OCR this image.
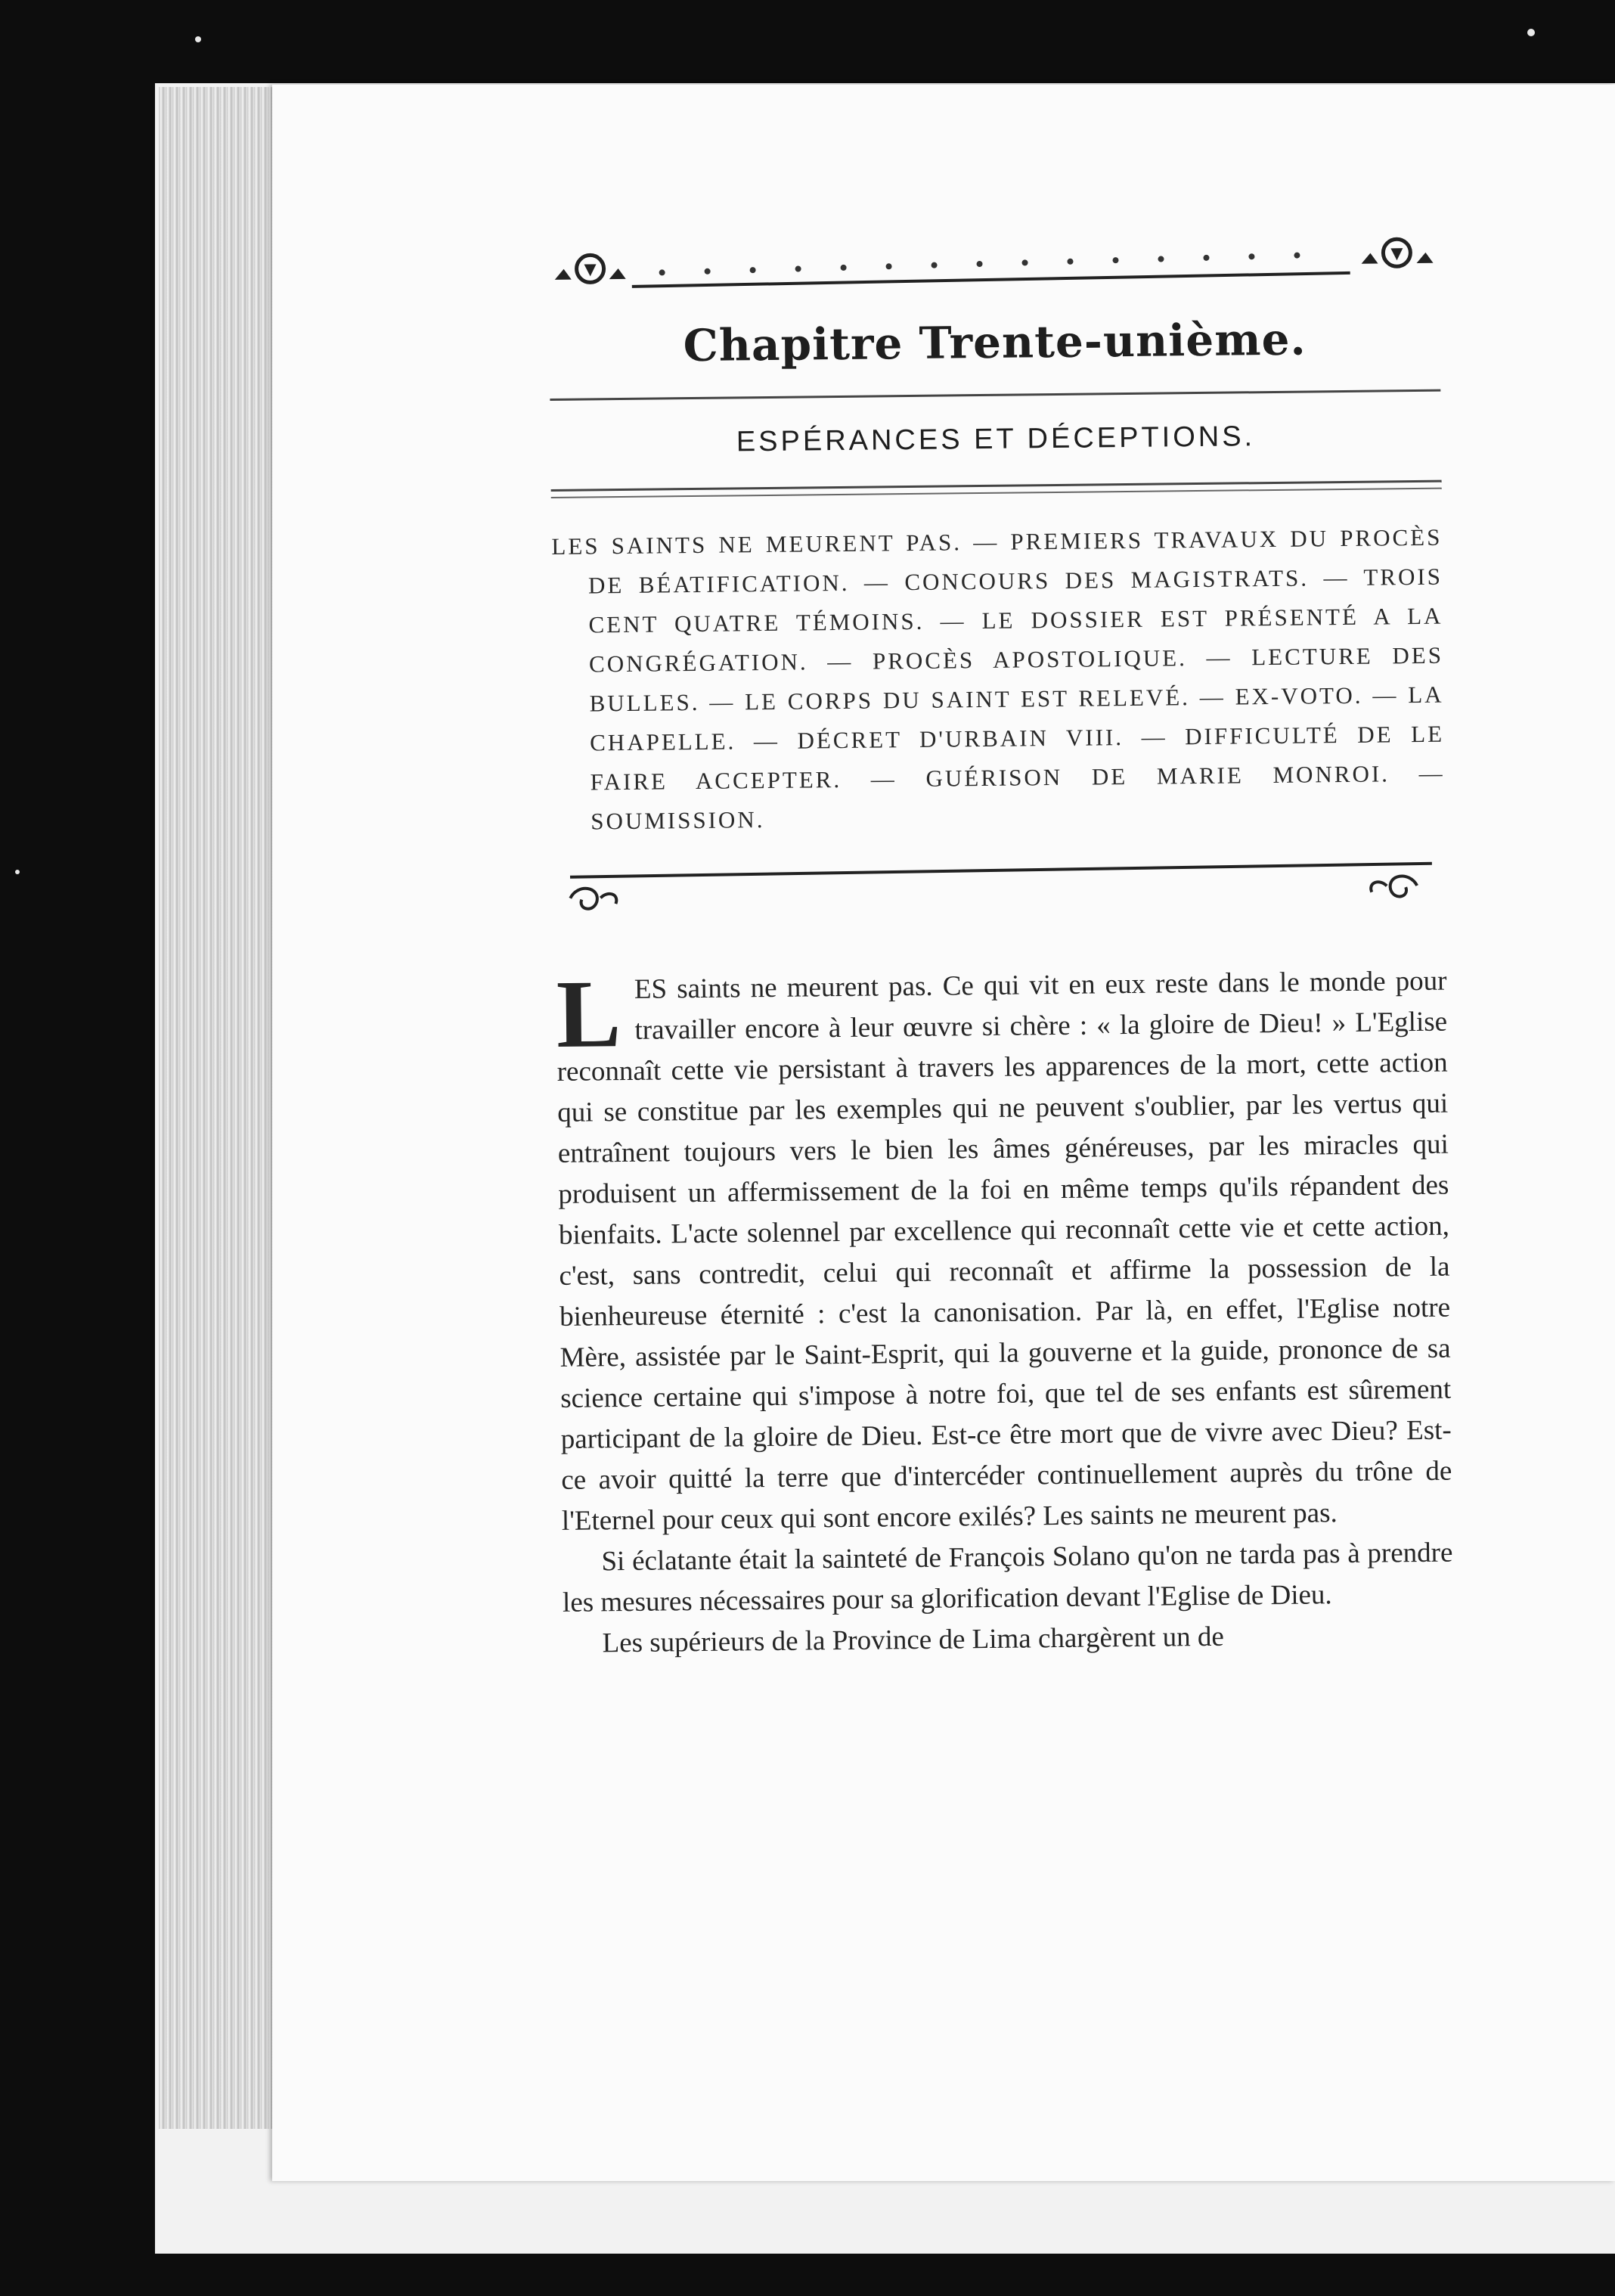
Chapitre Trente-unième.
ESPÉRANCES ET DÉCEPTIONS.
LES SAINTS NE MEURENT PAS. — PREMIERS TRAVAUX DU PROCÈS DE BÉATIFICATION. — CONCOURS DES MAGISTRATS. — TROIS CENT QUATRE TÉMOINS. — LE DOSSIER EST PRÉSENTÉ A LA CONGRÉGATION. — PROCÈS APOSTOLIQUE. — LECTURE DES BULLES. — LE CORPS DU SAINT EST RELEVÉ. — EX-VOTO. — LA CHAPELLE. — DÉCRET D'URBAIN VIII. — DIFFICULTÉ DE LE FAIRE ACCEPTER. — GUÉRISON DE MARIE MONROI. — SOUMISSION.

L ES saints ne meurent pas. Ce qui vit en eux reste dans le monde pour travailler encore à leur œuvre si chère : « la gloire de Dieu! » L'Eglise reconnaît cette vie persistant à travers les apparences de la mort, cette action qui se constitue par les exemples qui ne peuvent s'oublier, par les vertus qui entraînent toujours vers le bien les âmes généreuses, par les miracles qui produisent un affermissement de la foi en même temps qu'ils répandent des bienfaits. L'acte solennel par excellence qui reconnaît cette vie et cette action, c'est, sans contredit, celui qui reconnaît et affirme la possession de la bienheureuse éternité : c'est la canonisation. Par là, en effet, l'Eglise notre Mère, assistée par le Saint-Esprit, qui la gouverne et la guide, prononce de sa science certaine qui s'impose à notre foi, que tel de ses enfants est sûrement participant de la gloire de Dieu. Est-ce être mort que de vivre avec Dieu? Est-ce avoir quitté la terre que d'intercéder continuellement auprès du trône de l'Eternel pour ceux qui sont encore exilés? Les saints ne meurent pas.

Si éclatante était la sainteté de François Solano qu'on ne tarda pas à prendre les mesures nécessaires pour sa glorification devant l'Eglise de Dieu.

Les supérieurs de la Province de Lima chargèrent un de
